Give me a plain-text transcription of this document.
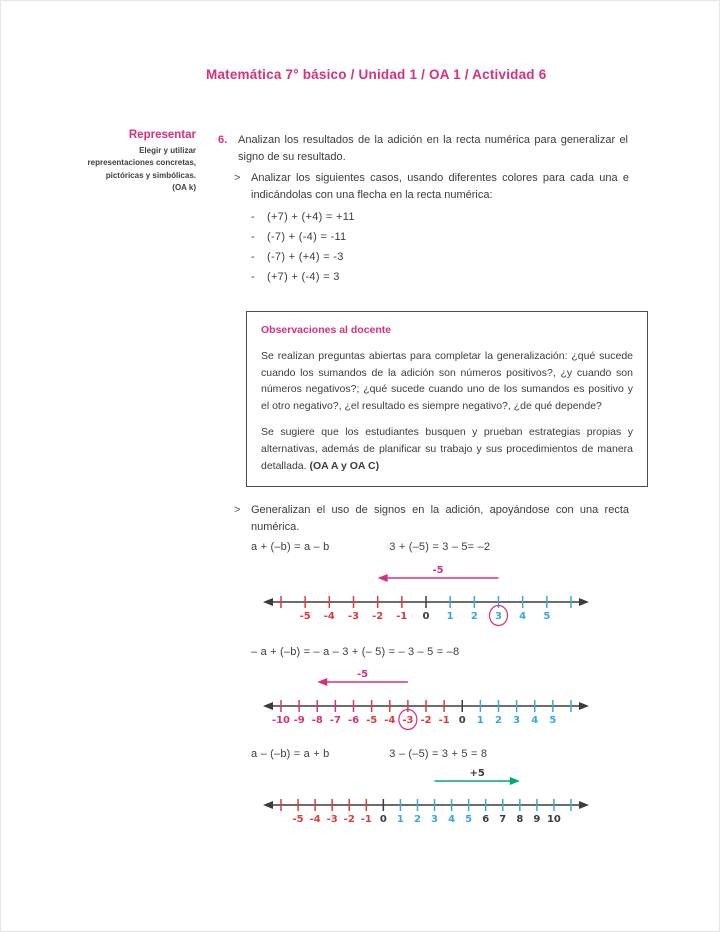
Matemática 7° básico / Unidad 1 / OA 1 / Actividad 6
Representar
Elegir y utilizar representaciones concretas, pictóricas y simbólicas.
(OA k)
6. Analizan los resultados de la adición en la recta numérica para generalizar el signo de su resultado.
> Analizar los siguientes casos, usando diferentes colores para cada una e indicándolas con una flecha en la recta numérica:
-	(+7) + (+4) = +11
-	(-7) + (-4) = -11
-	(-7) + (+4) = -3
-	(+7) + (-4) = 3
Observaciones al docente

Se realizan preguntas abiertas para completar la generalización: ¿qué sucede cuando los sumandos de la adición son números positivos?, ¿y cuando son números negativos?; ¿qué sucede cuando uno de los sumandos es positivo y el otro negativo?, ¿el resultado es siempre negativo?, ¿de qué depende?

Se sugiere que los estudiantes busquen y prueban estrategias propias y alternativas, además de planificar su trabajo y sus procedimientos de manera detallada. (OA A y OA C)

> Generalizan el uso de signos en la adición, apoyándose con una recta numérica.
a + (–b) = a – b	3 + (–5) = 3 – 5= –2
-5 -4 -3 -2 -1 0 1 2 3 4 5
-5
– a + (–b) = – a – 3 + (– 5) = – 3 – 5 = –8
-10 -9 -8 -7 -6 -5 -4 -3 -2 -1 0 1 2 3 4 5
-5
a – (–b) = a + b	3 – (–5) = 3 + 5 = 8
-5 -4 -3 -2 -1 0 1 2 3 4 5 6 7 8 9 10
+5
